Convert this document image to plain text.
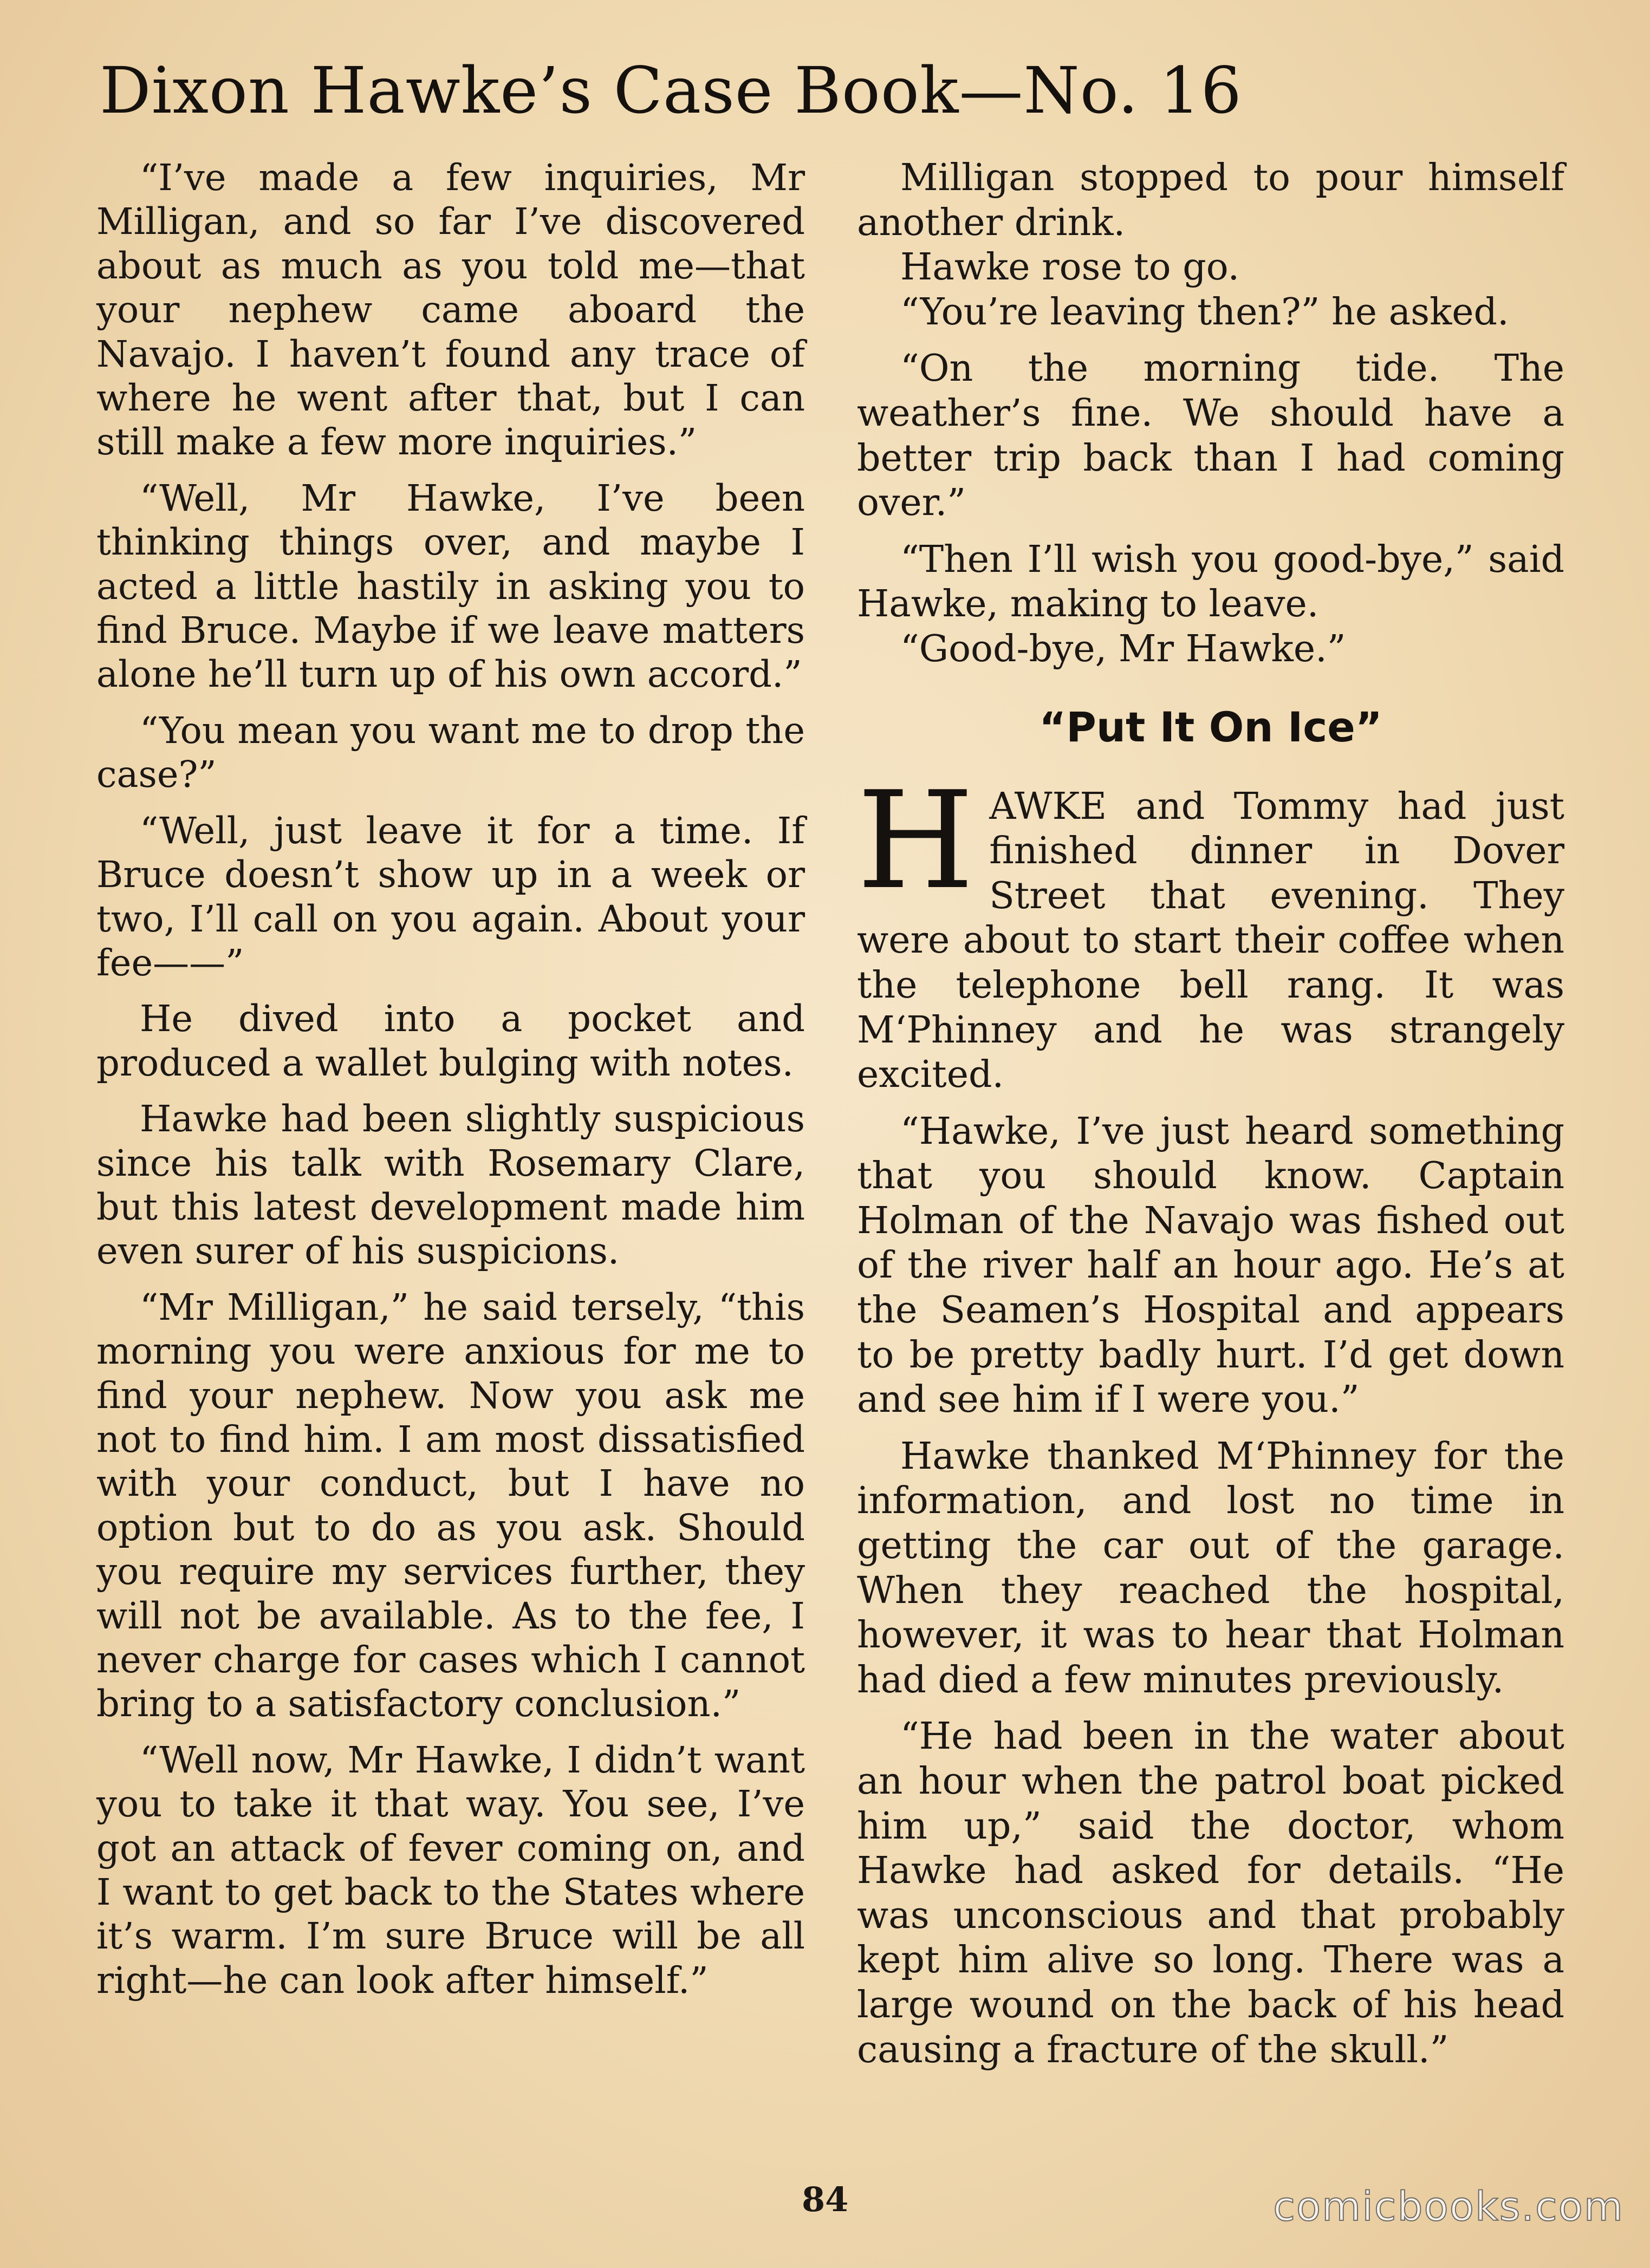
Dixon Hawke’s Case Book—No. 16

“I’ve made a few inquiries, Mr Milligan, and so far I’ve discovered about as much as you told me—that your nephew came aboard the Navajo. I haven’t found any trace of where he went after that, but I can still make a few more inquiries.”

“Well, Mr Hawke, I’ve been thinking things over, and maybe I acted a little hastily in asking you to find Bruce. Maybe if we leave matters alone he’ll turn up of his own accord.”

“You mean you want me to drop the case?”

“Well, just leave it for a time. If Bruce doesn’t show up in a week or two, I’ll call on you again. About your fee——”

He dived into a pocket and produced a wallet bulging with notes.

Hawke had been slightly suspicious since his talk with Rosemary Clare, but this latest development made him even surer of his suspicions.

“Mr Milligan,” he said tersely, “this morning you were anxious for me to find your nephew. Now you ask me not to find him. I am most dissatisfied with your conduct, but I have no option but to do as you ask. Should you require my services further, they will not be available. As to the fee, I never charge for cases which I cannot bring to a satisfactory conclusion.”

“Well now, Mr Hawke, I didn’t want you to take it that way. You see, I’ve got an attack of fever coming on, and I want to get back to the States where it’s warm. I’m sure Bruce will be all right—he can look after himself.”

Milligan stopped to pour himself another drink.

Hawke rose to go.

“You’re leaving then?” he asked.

“On the morning tide. The weather’s fine. We should have a better trip back than I had coming over.”

“Then I’ll wish you good-bye,” said Hawke, making to leave.

“Good-bye, Mr Hawke.”

“Put It On Ice”

HAWKE and Tommy had just finished dinner in Dover Street that evening. They were about to start their coffee when the telephone bell rang. It was M‘Phinney and he was strangely excited.

“Hawke, I’ve just heard something that you should know. Captain Holman of the Navajo was fished out of the river half an hour ago. He’s at the Seamen’s Hospital and appears to be pretty badly hurt. I’d get down and see him if I were you.”

Hawke thanked M‘Phinney for the information, and lost no time in getting the car out of the garage. When they reached the hospital, however, it was to hear that Holman had died a few minutes previously.

“He had been in the water about an hour when the patrol boat picked him up,” said the doctor, whom Hawke had asked for details. “He was unconscious and that probably kept him alive so long. There was a large wound on the back of his head causing a fracture of the skull.”

84	comicbooks.com
